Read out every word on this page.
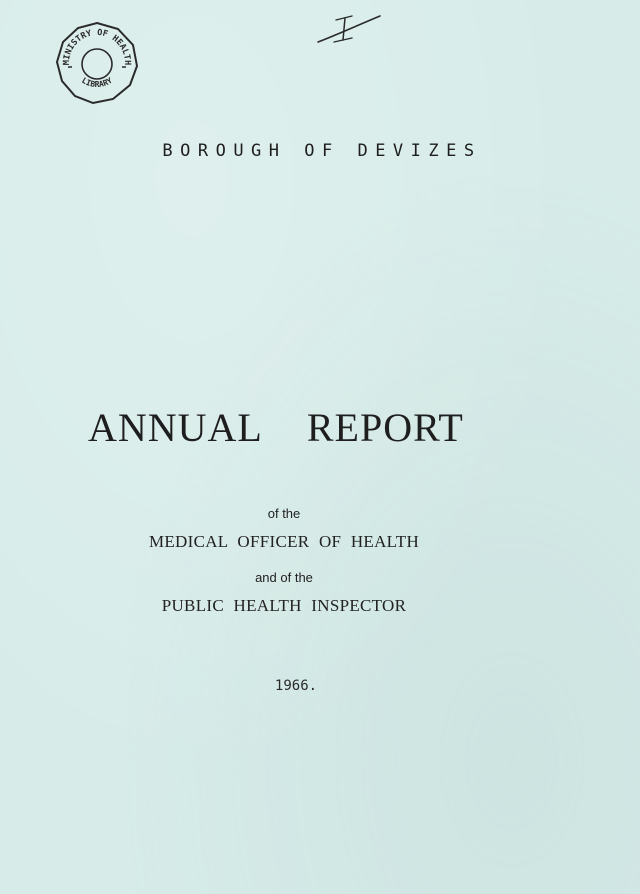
MINISTRY OF HEALTH
LIBRARY
BOROUGH OF DEVIZES
ANNUAL REPORT
of the
MEDICAL OFFICER OF HEALTH
and of the
PUBLIC HEALTH INSPECTOR
1966.
